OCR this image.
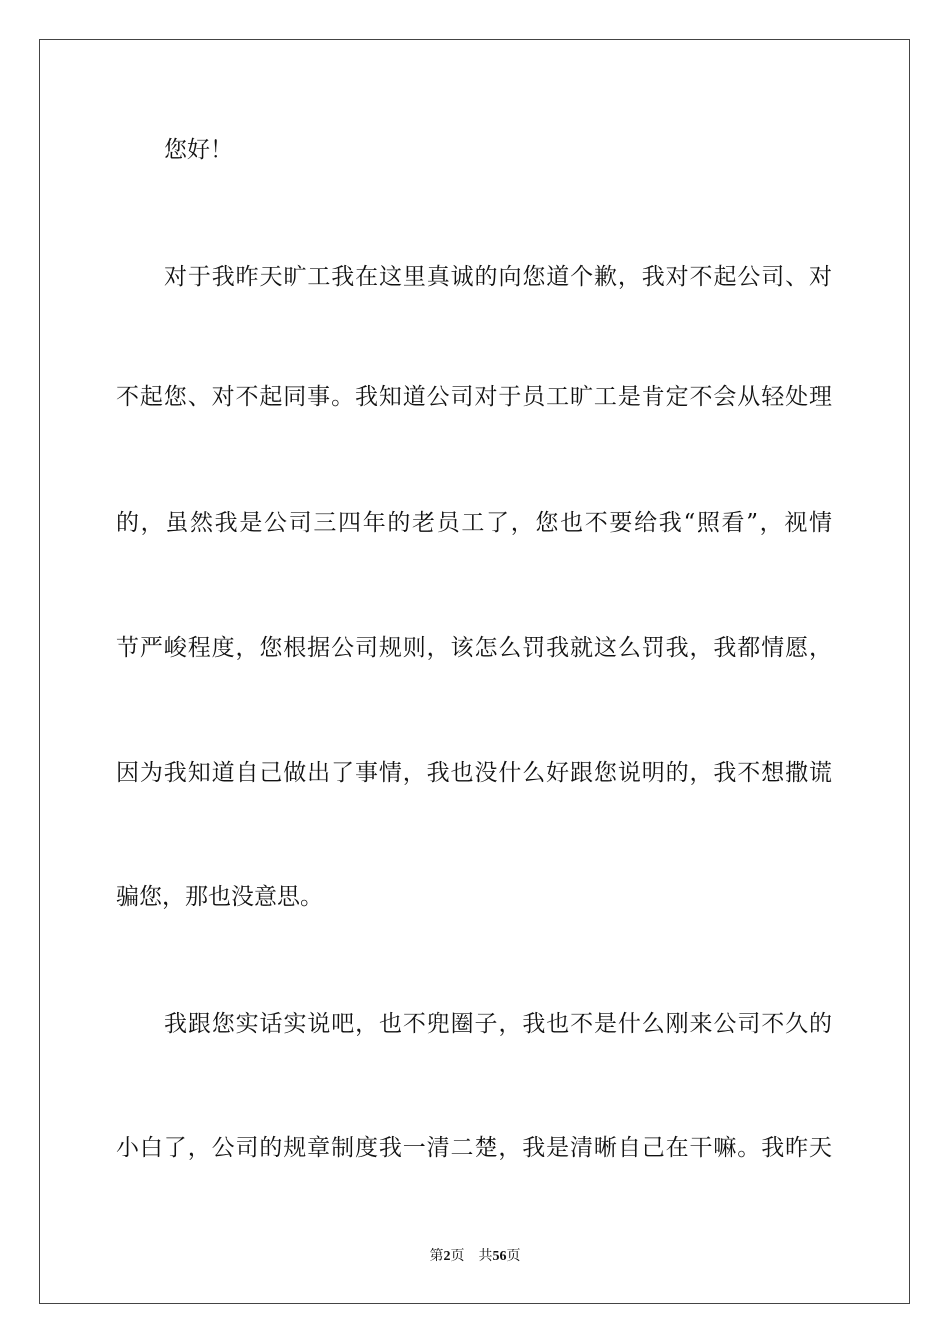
您好！
对于我昨天旷工我在这里真诚的向您道个歉，我对不起公司、对
不起您、对不起同事。我知道公司对于员工旷工是肯定不会从轻处理
的，虽然我是公司三四年的老员工了，您也不要给我“照看”，视情
节严峻程度，您根据公司规则，该怎么罚我就这么罚我，我都情愿，
因为我知道自己做出了事情，我也没什么好跟您说明的，我不想撒谎
骗您，那也没意思。
我跟您实话实说吧，也不兜圈子，我也不是什么刚来公司不久的
小白了，公司的规章制度我一清二楚，我是清晰自己在干嘛。我昨天
第2页 共56页
